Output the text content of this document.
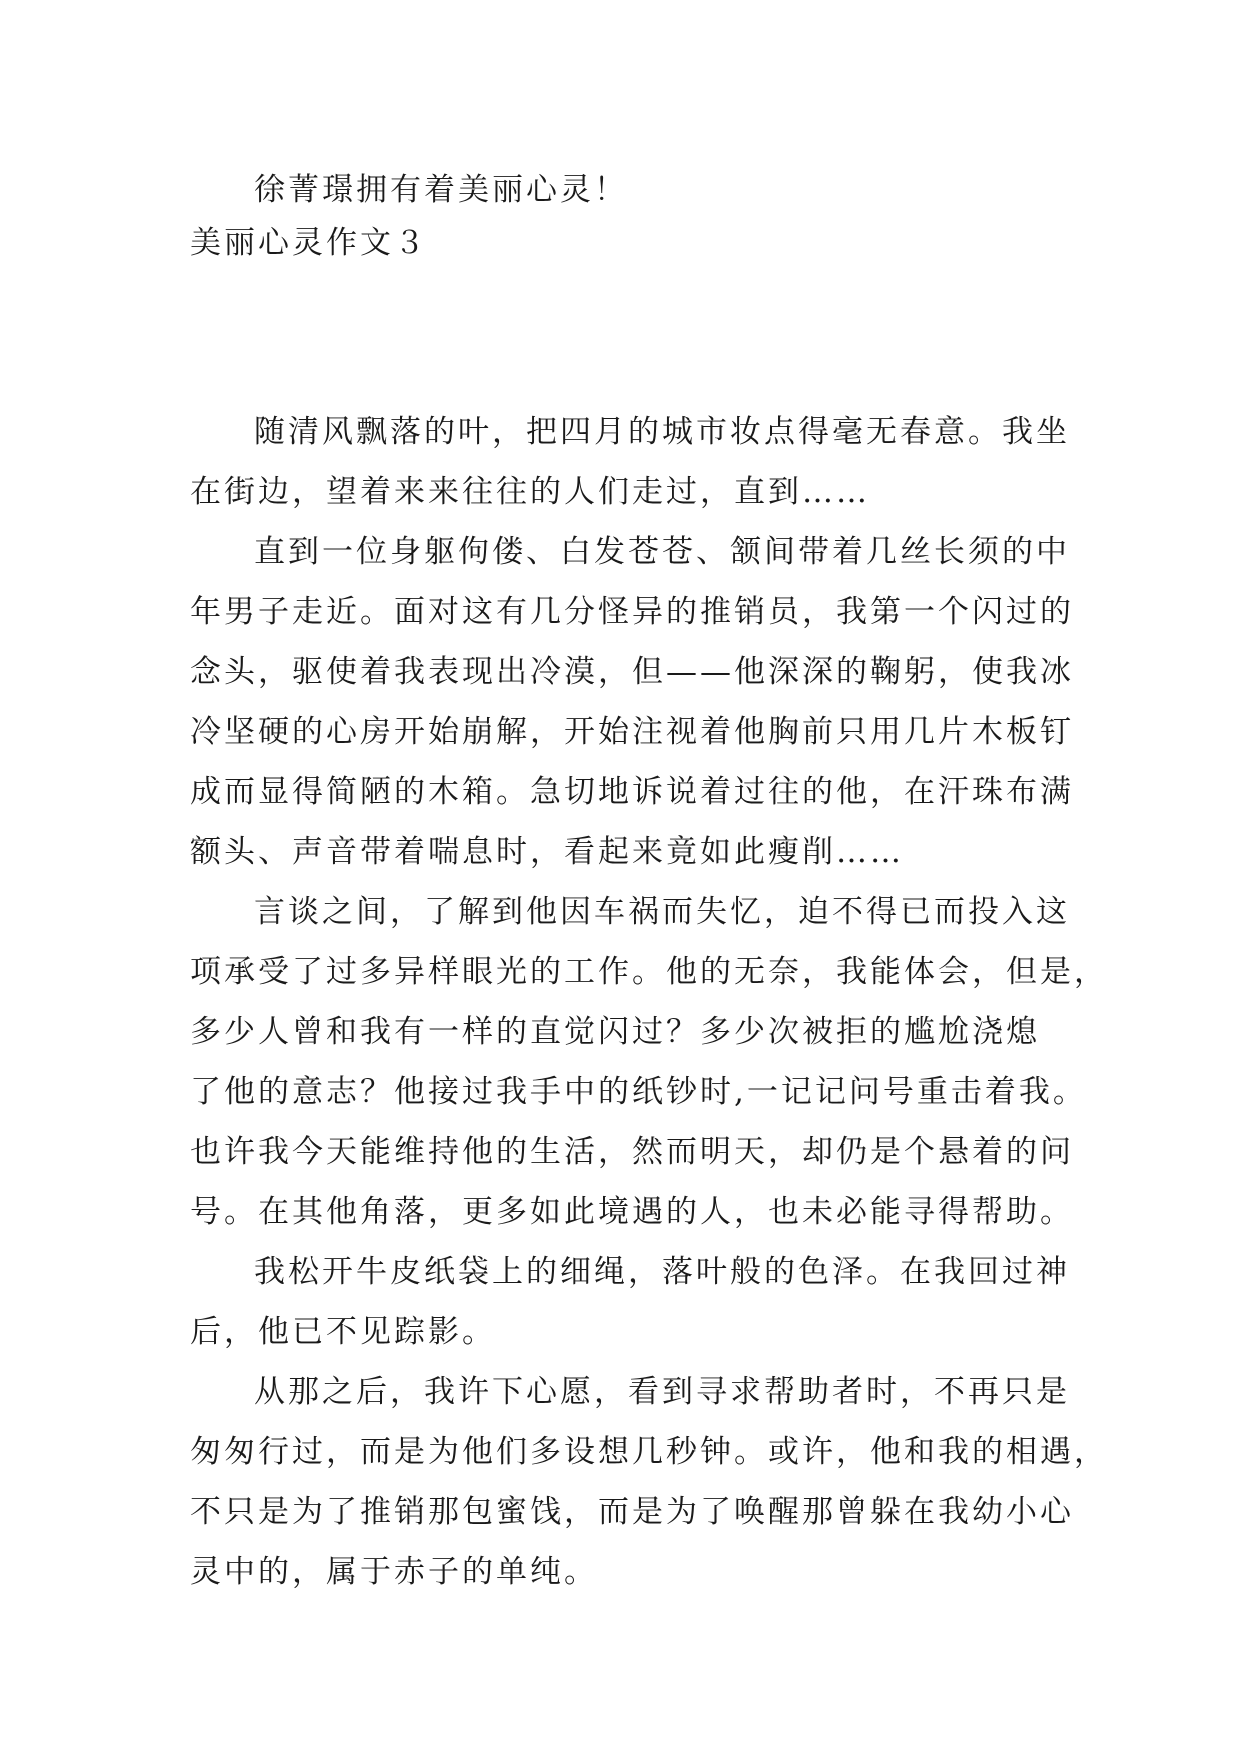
徐菁璟拥有着美丽心灵！
美丽心灵作文３
随清风飘落的叶，把四月的城市妆点得毫无春意。我坐
在街边，望着来来往往的人们走过，直到……
直到一位身躯佝偻、白发苍苍、颔间带着几丝长须的中
年男子走近。面对这有几分怪异的推销员，我第一个闪过的
念头，驱使着我表现出冷漠，但——他深深的鞠躬，使我冰
冷坚硬的心房开始崩解，开始注视着他胸前只用几片木板钉
成而显得简陋的木箱。急切地诉说着过往的他，在汗珠布满
额头、声音带着喘息时，看起来竟如此瘦削……
言谈之间，了解到他因车祸而失忆，迫不得已而投入这
项承受了过多异样眼光的工作。他的无奈，我能体会，但是，
多少人曾和我有一样的直觉闪过？多少次被拒的尴尬浇熄
了他的意志？他接过我手中的纸钞时,一记记问号重击着我。
也许我今天能维持他的生活，然而明天，却仍是个悬着的问
号。在其他角落，更多如此境遇的人，也未必能寻得帮助。
我松开牛皮纸袋上的细绳，落叶般的色泽。在我回过神
后，他已不见踪影。
从那之后，我许下心愿，看到寻求帮助者时，不再只是
匆匆行过，而是为他们多设想几秒钟。或许，他和我的相遇，
不只是为了推销那包蜜饯，而是为了唤醒那曾躲在我幼小心
灵中的，属于赤子的单纯。
